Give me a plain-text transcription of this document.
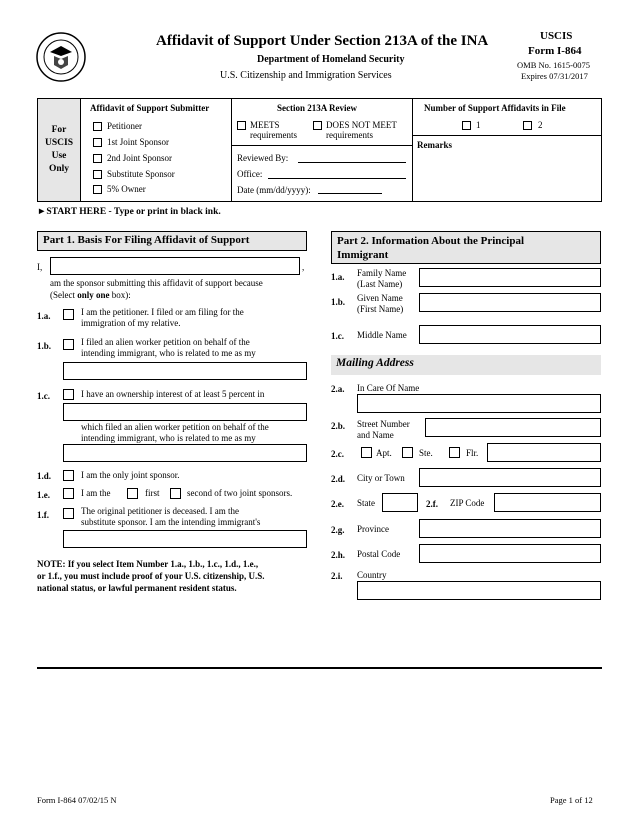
Affidavit of Support Under Section 213A of the INA
Department of Homeland Security
U.S. Citizenship and Immigration Services
USCIS
Form I-864
OMB No. 1615-0075
Expires 07/31/2017
For
USCIS
Use
Only
Affidavit of Support Submitter
Petitioner
1st Joint Sponsor
2nd Joint Sponsor
Substitute Sponsor
5% Owner
Section 213A Review
MEETS
requirements
DOES NOT MEET
requirements
Reviewed By:
Office:
Date (mm/dd/yyyy):
Number of Support Affidavits in File
1	2
Remarks
►START HERE - Type or print in black ink.
Part 1. Basis For Filing Affidavit of Support
I,	,
am the sponsor submitting this affidavit of support because
(Select only one box):
1.a.	I am the petitioner. I filed or am filing for the
immigration of my relative.
1.b.	I filed an alien worker petition on behalf of the
intending immigrant, who is related to me as my
1.c.	I have an ownership interest of at least 5 percent in
which filed an alien worker petition on behalf of the
intending immigrant, who is related to me as my
1.d.	I am the only joint sponsor.
1.e.	I am the	first	second of two joint sponsors.
1.f.	The original petitioner is deceased. I am the
substitute sponsor. I am the intending immigrant's
NOTE: If you select Item Number 1.a., 1.b., 1.c., 1.d., 1.e.,
or 1.f., you must include proof of your U.S. citizenship, U.S.
national status, or lawful permanent resident status.
Part 2. Information About the Principal
Immigrant
1.a. Family Name
(Last Name)
1.b. Given Name
(First Name)
1.c. Middle Name
Mailing Address
2.a. In Care Of Name
2.b. Street Number
and Name
2.c.	Apt.	Ste.	Flr.
2.d. City or Town
2.e. State	2.f. ZIP Code
2.g. Province
2.h. Postal Code
2.i. Country
Form I-864 07/02/15 N	Page 1 of 12
